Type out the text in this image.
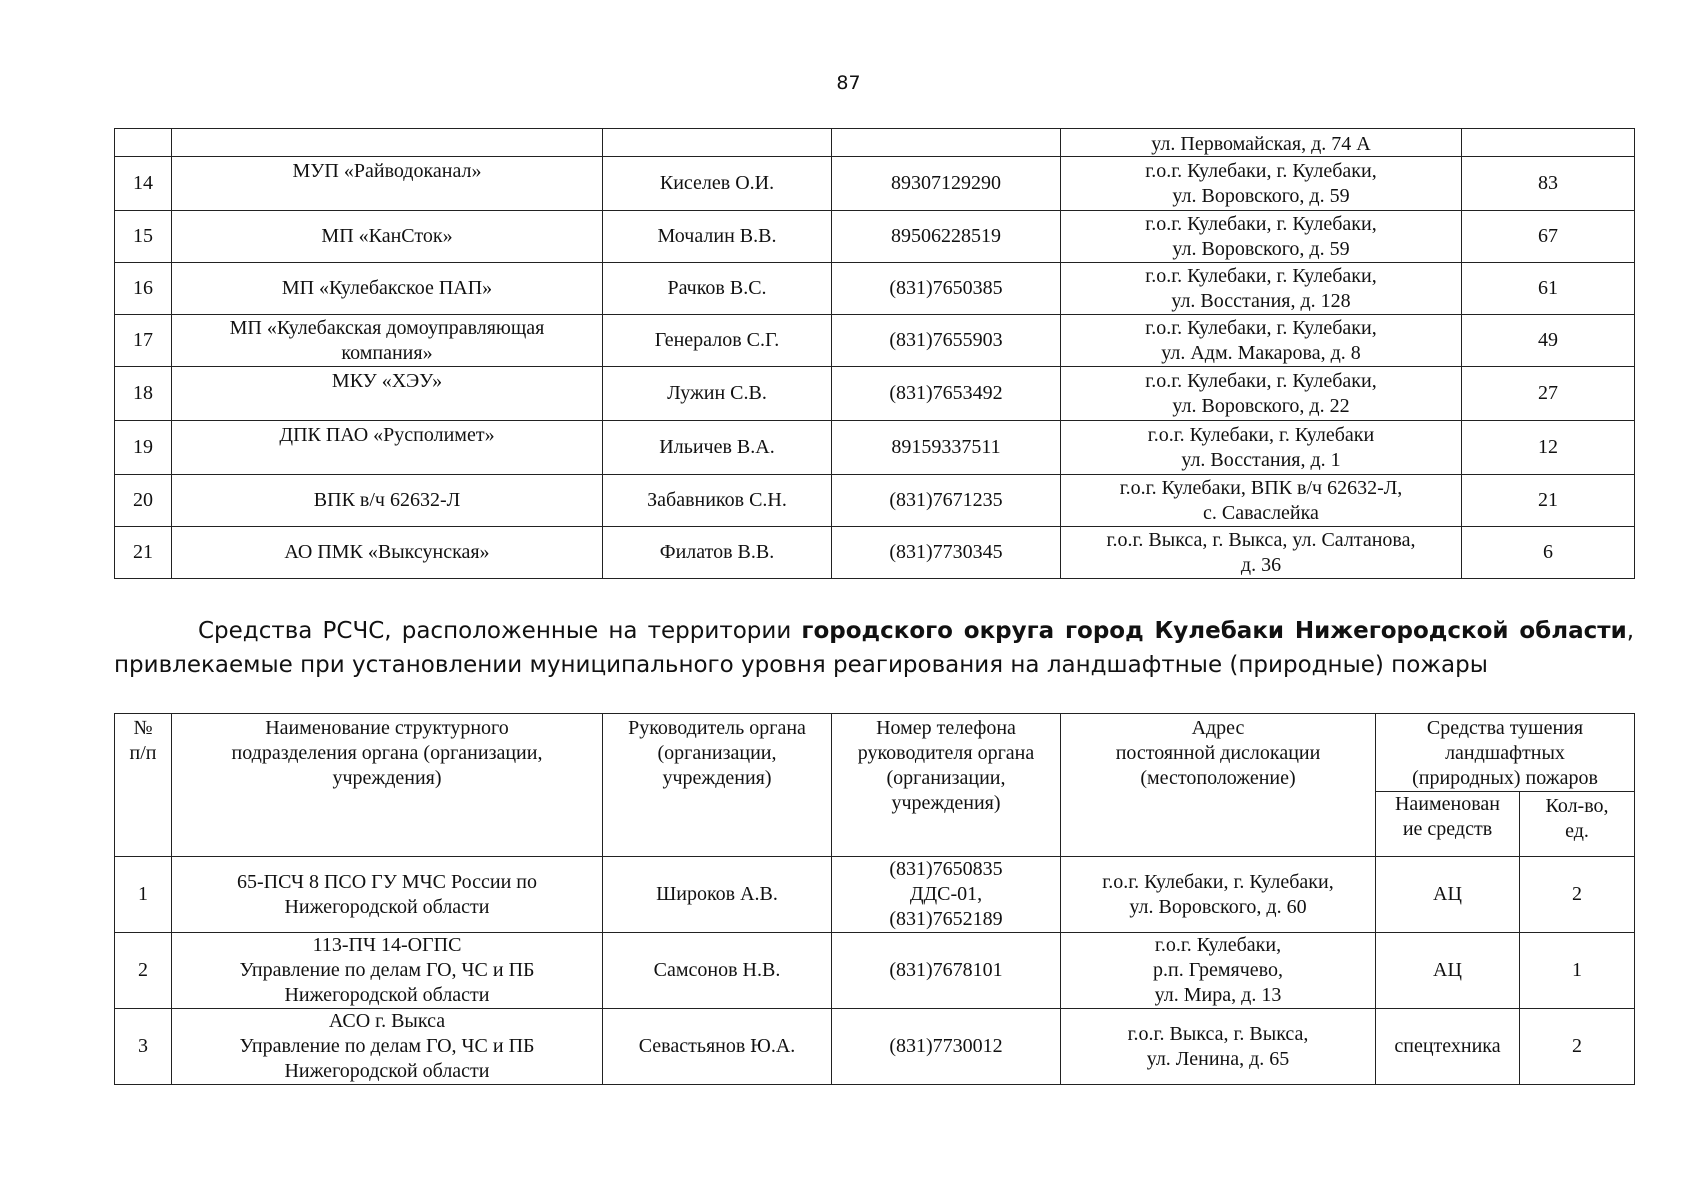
87
				ул. Первомайская, д. 74 А	
14	МУП «Райводоканал»	Киселев О.И.	89307129290	г.о.г. Кулебаки, г. Кулебаки,
ул. Воровского, д. 59	83
15	МП «КанСток»	Мочалин В.В.	89506228519	г.о.г. Кулебаки, г. Кулебаки,
ул. Воровского, д. 59	67
16	МП «Кулебакское ПАП»	Рачков В.С.	(831)7650385	г.о.г. Кулебаки, г. Кулебаки,
ул. Восстания, д. 128	61
17	МП «Кулебакская домоуправляющая
компания»	Генералов С.Г.	(831)7655903	г.о.г. Кулебаки, г. Кулебаки,
ул. Адм. Макарова, д. 8	49
18	МКУ «ХЭУ»	Лужин С.В.	(831)7653492	г.о.г. Кулебаки, г. Кулебаки,
ул. Воровского, д. 22	27
19	ДПК ПАО «Русполимет»	Ильичев В.А.	89159337511	г.о.г. Кулебаки, г. Кулебаки
ул. Восстания, д. 1	12
20	ВПК в/ч 62632-Л	Забавников С.Н.	(831)7671235	г.о.г. Кулебаки, ВПК в/ч 62632-Л,
с. Саваслейка	21
21	АО ПМК «Выксунская»	Филатов В.В.	(831)7730345	г.о.г. Выкса, г. Выкса, ул. Салтанова,
д. 36	6
Средства РСЧС, расположенные на территории городского округа город Кулебаки Нижегородской области, привлекаемые при установлении муниципального уровня реагирования на ландшафтные (природные) пожары
№
п/п	Наименование структурного
подразделения органа (организации,
учреждения)	Руководитель органа
(организации,
учреждения)	Номер телефона
руководителя органа
(организации,
учреждения)	Адрес
постоянной дислокации
(местоположение)	Средства тушения
ландшафтных
(природных) пожаров	
					Наименован
ие средств	Кол-во,
ед.
1	65-ПСЧ 8 ПСО ГУ МЧС России по
Нижегородской области	Широков А.В.	(831)7650835
ДДС-01,
(831)7652189	г.о.г. Кулебаки, г. Кулебаки,
ул. Воровского, д. 60	АЦ	2
2	113-ПЧ 14-ОГПС
Управление по делам ГО, ЧС и ПБ
Нижегородской области	Самсонов Н.В.	(831)7678101	г.о.г. Кулебаки,
р.п. Гремячево,
ул. Мира, д. 13	АЦ	1
3	АСО г. Выкса
Управление по делам ГО, ЧС и ПБ
Нижегородской области	Севастьянов Ю.А.	(831)7730012	г.о.г. Выкса, г. Выкса,
ул. Ленина, д. 65	спецтехника	2
